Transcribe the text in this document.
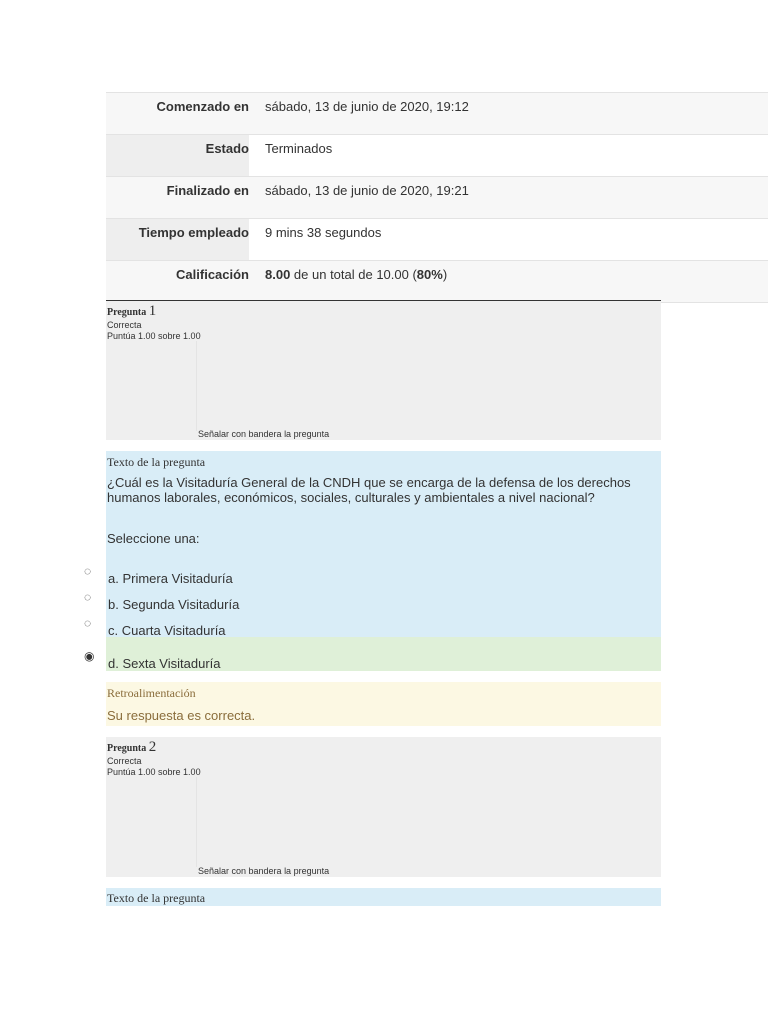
Comenzado en	sábado, 13 de junio de 2020, 19:12
Estado	Terminados
Finalizado en	sábado, 13 de junio de 2020, 19:21
Tiempo empleado	9 mins 38 segundos
Calificación	8.00 de un total de 10.00 (80%)
Pregunta 1
Correcta
Puntúa 1.00 sobre 1.00
Señalar con bandera la pregunta
Texto de la pregunta
¿Cuál es la Visitaduría General de la CNDH que se encarga de la defensa de los derechos humanos laborales, económicos, sociales, culturales y ambientales a nivel nacional?
Seleccione una:
◌ a. Primera Visitaduría
◌ b. Segunda Visitaduría
◌ c. Cuarta Visitaduría
◉ d. Sexta Visitaduría
Retroalimentación
Su respuesta es correcta.
Pregunta 2
Correcta
Puntúa 1.00 sobre 1.00
Señalar con bandera la pregunta
Texto de la pregunta
